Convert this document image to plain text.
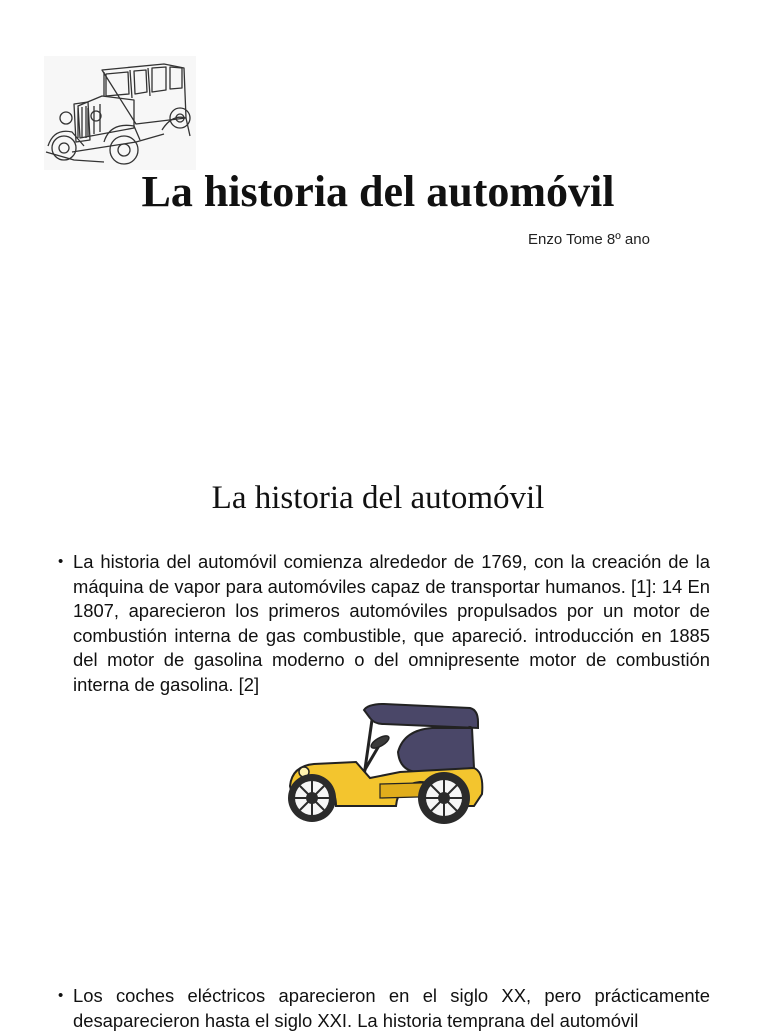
La historia del automóvil
Enzo Tome 8º ano
La historia del automóvil
• La historia del automóvil comienza alrededor de 1769, con la creación de la máquina de vapor para automóviles capaz de transportar humanos. [1]: 14 En 1807, aparecieron los primeros automóviles propulsados por un motor de combustión interna de gas combustible, que apareció. introducción en 1885 del motor de gasolina moderno o del omnipresente motor de combustión interna de gasolina. [2]
• Los coches eléctricos aparecieron en el siglo XX, pero prácticamente desaparecieron hasta el siglo XXI. La historia temprana del automóvil
